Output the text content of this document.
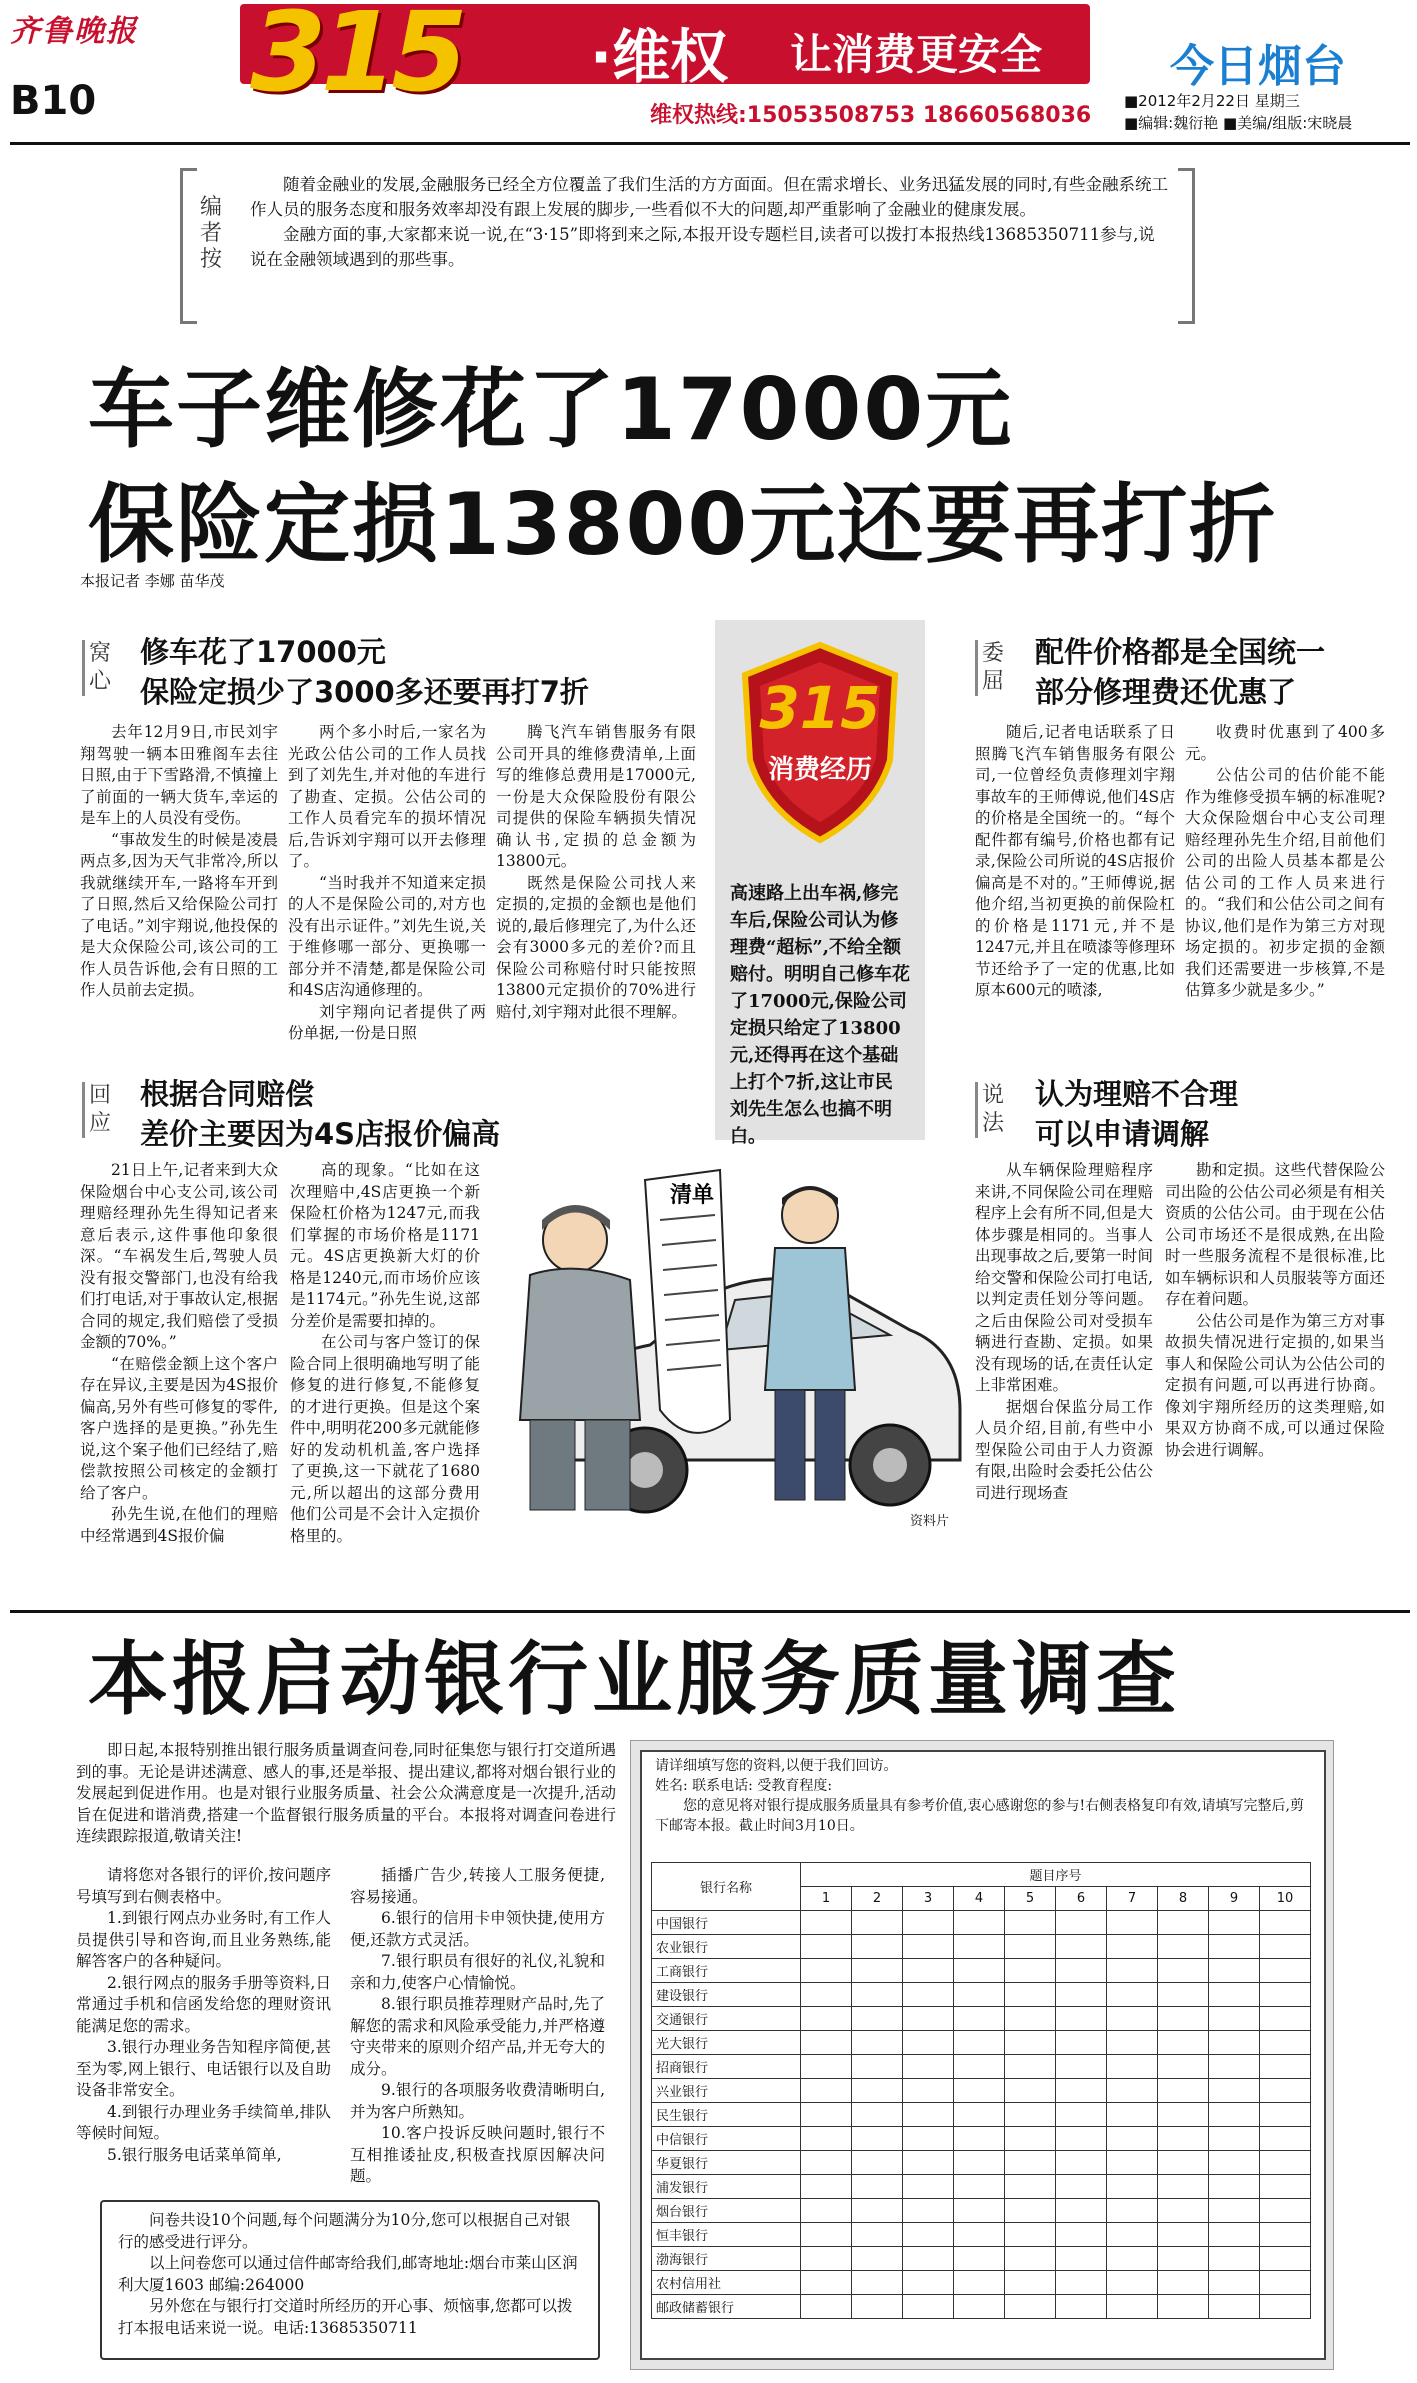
齐鲁晚报
B10 315 ·维权 让消费更安全
维权热线:15053508753 18660568036
今日烟台
■2012年2月22日 星期三
■编辑:魏衍艳 ■美编/组版:宋晓晨
编者按

随着金融业的发展,金融服务已经全方位覆盖了我们生活的方方面面。但在需求增长、业务迅猛发展的同时,有些金融系统工作人员的服务态度和服务效率却没有跟上发展的脚步,一些看似不大的问题,却严重影响了金融业的健康发展。

金融方面的事,大家都来说一说,在“3·15”即将到来之际,本报开设专题栏目,读者可以拨打本报热线13685350711参与,说说在金融领域遇到的那些事。

车子维修花了17000元
保险定损13800元还要再打折
本报记者 李娜 苗华茂
窝心
修车花了17000元
保险定损少了3000多还要再打7折

去年12月9日,市民刘宇翔驾驶一辆本田雅阁车去往日照,由于下雪路滑,不慎撞上了前面的一辆大货车,幸运的是车上的人员没有受伤。

“事故发生的时候是凌晨两点多,因为天气非常冷,所以我就继续开车,一路将车开到了日照,然后又给保险公司打了电话。”刘宇翔说,他投保的是大众保险公司,该公司的工作人员告诉他,会有日照的工作人员前去定损。

两个多小时后,一家名为光政公估公司的工作人员找到了刘先生,并对他的车进行了勘查、定损。公估公司的工作人员看完车的损坏情况后,告诉刘宇翔可以开去修理了。

“当时我并不知道来定损的人不是保险公司的,对方也没有出示证件。”刘先生说,关于维修哪一部分、更换哪一部分并不清楚,都是保险公司和4S店沟通修理的。

刘宇翔向记者提供了两份单据,一份是日照

腾飞汽车销售服务有限公司开具的维修费清单,上面写的维修总费用是17000元,一份是大众保险股份有限公司提供的保险车辆损失情况确认书,定损的总金额为13800元。

既然是保险公司找人来定损的,定损的金额也是他们说的,最后修理完了,为什么还会有3000多元的差价?而且保险公司称赔付时只能按照13800元定损价的70%进行赔付,刘宇翔对此很不理解。

315
消费经历
高速路上出车祸,修完车后,保险公司认为修理费“超标”,不给全额赔付。明明自己修车花了17000元,保险公司定损只给定了13800元,还得再在这个基础上打个7折,这让市民刘先生怎么也搞不明白。
委屈
配件价格都是全国统一
部分修理费还优惠了

随后,记者电话联系了日照腾飞汽车销售服务有限公司,一位曾经负责修理刘宇翔事故车的王师傅说,他们4S店的价格是全国统一的。“每个配件都有编号,价格也都有记录,保险公司所说的4S店报价偏高是不对的。”王师傅说,据他介绍,当初更换的前保险杠的价格是1171元,并不是1247元,并且在喷漆等修理环节还给予了一定的优惠,比如原本600元的喷漆,

收费时优惠到了400多元。

公估公司的估价能不能作为维修受损车辆的标准呢?大众保险烟台中心支公司理赔经理孙先生介绍,目前他们公司的出险人员基本都是公估公司的工作人员来进行的。“我们和公估公司之间有协议,他们是作为第三方对现场定损的。初步定损的金额我们还需要进一步核算,不是估算多少就是多少。”

回应
根据合同赔偿
差价主要因为4S店报价偏高

21日上午,记者来到大众保险烟台中心支公司,该公司理赔经理孙先生得知记者来意后表示,这件事他印象很深。“车祸发生后,驾驶人员没有报交警部门,也没有给我们打电话,对于事故认定,根据合同的规定,我们赔偿了受损金额的70%。”

“在赔偿金额上这个客户存在异议,主要是因为4S报价偏高,另外有些可修复的零件,客户选择的是更换。”孙先生说,这个案子他们已经结了,赔偿款按照公司核定的金额打给了客户。

孙先生说,在他们的理赔中经常遇到4S报价偏

高的现象。“比如在这次理赔中,4S店更换一个新保险杠价格为1247元,而我们掌握的市场价格是1171元。4S店更换新大灯的价格是1240元,而市场价应该是1174元。”孙先生说,这部分差价是需要扣掉的。

在公司与客户签订的保险合同上很明确地写明了能修复的进行修复,不能修复的才进行更换。但是这个案件中,明明花200多元就能修好的发动机机盖,客户选择了更换,这一下就花了1680元,所以超出的这部分费用他们公司是不会计入定损价格里的。

清单
资料片
说法
认为理赔不合理
可以申请调解

从车辆保险理赔程序来讲,不同保险公司在理赔程序上会有所不同,但是大体步骤是相同的。当事人出现事故之后,要第一时间给交警和保险公司打电话,以判定责任划分等问题。之后由保险公司对受损车辆进行查勘、定损。如果没有现场的话,在责任认定上非常困难。

据烟台保监分局工作人员介绍,目前,有些中小型保险公司由于人力资源有限,出险时会委托公估公司进行现场查

勘和定损。这些代替保险公司出险的公估公司必须是有相关资质的公估公司。由于现在公估公司市场还不是很成熟,在出险时一些服务流程不是很标准,比如车辆标识和人员服装等方面还存在着问题。

公估公司是作为第三方对事故损失情况进行定损的,如果当事人和保险公司认为公估公司的定损有问题,可以再进行协商。像刘宇翔所经历的这类理赔,如果双方协商不成,可以通过保险协会进行调解。

本报启动银行业服务质量调查

即日起,本报特别推出银行服务质量调查问卷,同时征集您与银行打交道所遇到的事。无论是讲述满意、感人的事,还是举报、提出建议,都将对烟台银行业的发展起到促进作用。也是对银行业服务质量、社会公众满意度是一次提升,活动旨在促进和谐消费,搭建一个监督银行服务质量的平台。本报将对调查问卷进行连续跟踪报道,敬请关注!

请将您对各银行的评价,按问题序号填写到右侧表格中。

1.到银行网点办业务时,有工作人员提供引导和咨询,而且业务熟练,能解答客户的各种疑问。

2.银行网点的服务手册等资料,日常通过手机和信函发给您的理财资讯能满足您的需求。

3.银行办理业务告知程序简便,甚至为零,网上银行、电话银行以及自助设备非常安全。

4.到银行办理业务手续简单,排队等候时间短。

5.银行服务电话菜单简单,

插播广告少,转接人工服务便捷,容易接通。

6.银行的信用卡申领快捷,使用方便,还款方式灵活。

7.银行职员有很好的礼仪,礼貌和亲和力,使客户心情愉悦。

8.银行职员推荐理财产品时,先了解您的需求和风险承受能力,并严格遵守夹带来的原则介绍产品,并无夸大的成分。

9.银行的各项服务收费清晰明白,并为客户所熟知。

10.客户投诉反映问题时,银行不互相推诿扯皮,积极查找原因解决问题。

问卷共设10个问题,每个问题满分为10分,您可以根据自己对银行的感受进行评分。

以上问卷您可以通过信件邮寄给我们,邮寄地址:烟台市莱山区润利大厦1603 邮编:264000

另外您在与银行打交道时所经历的开心事、烦恼事,您都可以拨打本报电话来说一说。电话:13685350711

请详细填写您的资料,以便于我们回访。

姓名: 联系电话: 受教育程度:

您的意见将对银行提成服务质量具有参考价值,衷心感谢您的参与!右侧表格复印有效,请填写完整后,剪下邮寄本报。截止时间3月10日。

银行名称	题目序号									
	1	2	3	4	5	6	7	8	9	10
中国银行										
农业银行										
工商银行										
建设银行										
交通银行										
光大银行										
招商银行										
兴业银行										
民生银行										
中信银行										
华夏银行										
浦发银行										
烟台银行										
恒丰银行										
渤海银行										
农村信用社										
邮政储蓄银行										
